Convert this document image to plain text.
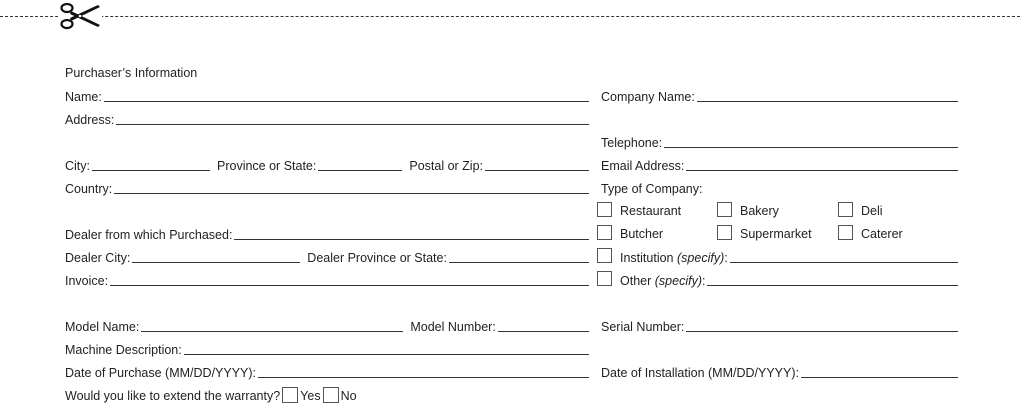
Purchaser’s Information
Name:
Address:
City:	Province or State:	Postal or Zip:
Country:
Dealer from which Purchased:
Dealer City:	Dealer Province or State:
Invoice:
Company Name:
Telephone:
Email Address:
Type of Company:
Restaurant	Bakery	Deli
Butcher	Supermarket	Caterer
Institution
(specify) :
Other
(specify) :
Model Name:	Model Number:	Serial Number:
Machine Description:
Date of Purchase (MM/DD/YYYY):	Date of Installation (MM/DD/YYYY):
Would you like to extend the warranty? Yes No
